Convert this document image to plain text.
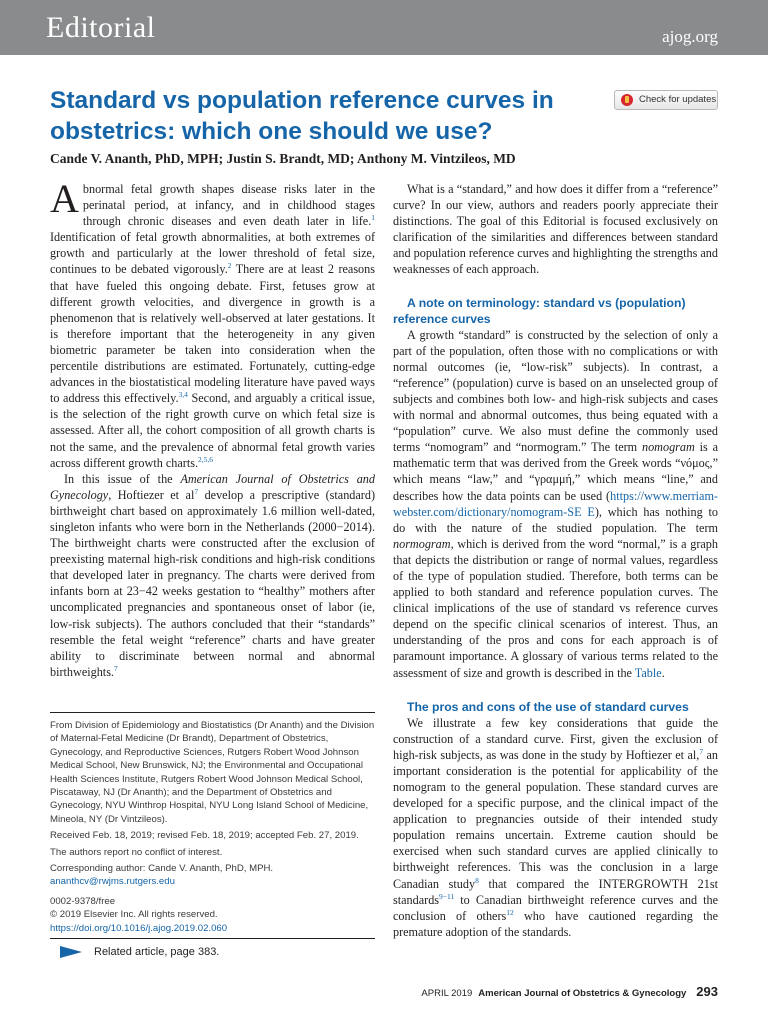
Editorial	ajog.org
Standard vs population reference curves in obstetrics: which one should we use?
Check for updates
Cande V. Ananth, PhD, MPH; Justin S. Brandt, MD; Anthony M. Vintzileos, MD

Abnormal fetal growth shapes disease risks later in the perinatal period, at infancy, and in childhood stages through chronic diseases and even death later in life.$^1$ Identification of fetal growth abnormalities, at both extremes of growth and particularly at the lower threshold of fetal size, continues to be debated vigorously.$^2$ There are at least 2 reasons that have fueled this ongoing debate. First, fetuses grow at different growth velocities, and divergence in growth is a phenomenon that is relatively well-observed at later gestations. It is therefore important that the heterogeneity in any given biometric parameter be taken into consideration when the percentile distributions are estimated. Fortunately, cutting-edge advances in the biostatistical modeling literature have paved ways to address this effectively.$^{3,4}$ Second, and arguably a critical issue, is the selection of the right growth curve on which fetal size is assessed. After all, the cohort composition of all growth charts is not the same, and the prevalence of abnormal fetal growth varies across different growth charts.$^{2,5,6}$

In this issue of the American Journal of Obstetrics and Gynecology, Hoftiezer et $al^7$ develop a prescriptive (standard) birthweight chart based on approximately 1.6 million well-dated, singleton infants who were born in the Netherlands (2000−2014). The birthweight charts were constructed after the exclusion of preexisting maternal high-risk conditions and high-risk conditions that developed later in pregnancy. The charts were derived from infants born at 23−42 weeks gestation to “healthy” mothers after uncomplicated pregnancies and spontaneous onset of labor (ie, low-risk subjects). The authors concluded that their “standards” resemble the fetal weight “reference” charts and have greater ability to discriminate between normal and abnormal birthweights.$^7$

From Division of Epidemiology and Biostatistics (Dr Ananth) and the Division of Maternal-Fetal Medicine (Dr Brandt), Department of Obstetrics, Gynecology, and Reproductive Sciences, Rutgers Robert Wood Johnson Medical School, New Brunswick, NJ; the Environmental and Occupational Health Sciences Institute, Rutgers Robert Wood Johnson Medical School, Piscataway, NJ (Dr Ananth); and the Department of Obstetrics and Gynecology, NYU Winthrop Hospital, NYU Long Island School of Medicine, Mineola, NY (Dr Vintzileos).

Received Feb. 18, 2019; revised Feb. 18, 2019; accepted Feb. 27, 2019.

The authors report no conflict of interest.

Corresponding author: Cande V. Ananth, PhD, MPH. ananthcv@rwjms.rutgers.edu

0002-9378/free

© 2019 Elsevier Inc. All rights reserved.

https://doi.org/10.1016/j.ajog.2019.02.060

Related article, page 383.

What is a “standard,” and how does it differ from a “reference” curve? In our view, authors and readers poorly appreciate their distinctions. The goal of this Editorial is focused exclusively on clarification of the similarities and differences between standard and population reference curves and highlighting the strengths and weaknesses of each approach.

A note on terminology: standard vs (population) reference curves

A growth “standard” is constructed by the selection of only a part of the population, often those with no complications or with normal outcomes (ie, “low-risk” subjects). In contrast, a “reference” (population) curve is based on an unselected group of subjects and combines both low- and high-risk subjects and cases with normal and abnormal outcomes, thus being equated with a “population” curve. We also must define the commonly used terms “nomogram” and “normogram.” The term nomogram is a mathematic term that was derived from the Greek words “νόμος,” which means “law,” and “γραμμή,” which means “line,” and describes how the data points can be used (https://www.merriam-webster.com/dictionary/nomogram-SE E), which has nothing to do with the nature of the studied population. The term normogram, which is derived from the word “normal,” is a graph that depicts the distribution or range of normal values, regardless of the type of population studied. Therefore, both terms can be applied to both standard and reference population curves. The clinical implications of the use of standard vs reference curves depend on the specific clinical scenarios of interest. Thus, an understanding of the pros and cons for each approach is of paramount importance. A glossary of various terms related to the assessment of size and growth is described in the Table.

The pros and cons of the use of standard curves

We illustrate a few key considerations that guide the construction of a standard curve. First, given the exclusion of high-risk subjects, as was done in the study by Hoftiezer et al,$^7$ an important consideration is the potential for applicability of the nomogram to the general population. These standard curves are developed for a specific purpose, and the clinical impact of the application to pregnancies outside of their intended study population remains uncertain. Extreme caution should be exercised when such standard curves are applied clinically to birthweight references. This was the conclusion in a large Canadian study$^8$ that compared the INTERGROWTH 21st standards$^{9-11}$ to Canadian birthweight reference curves and the conclusion of others$^{12}$ who have cautioned regarding the premature adoption of the standards.

APRIL 2019 American Journal of Obstetrics & Gynecology 293
